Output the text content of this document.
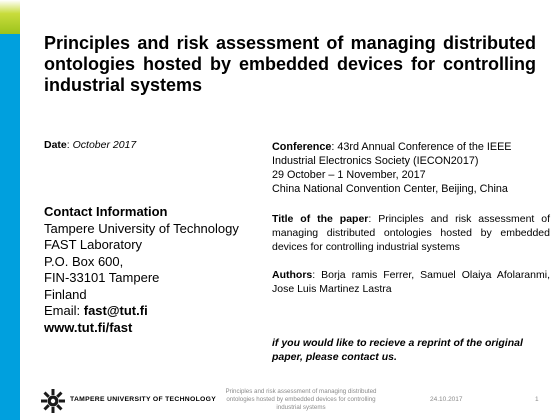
Principles and risk assessment of managing distributed ontologies hosted by embedded devices for controlling industrial systems
Date: October 2017
Contact Information
Tampere University of Technology
FAST Laboratory
P.O. Box 600,
FIN-33101 Tampere
Finland
Email: fast@tut.fi
www.tut.fi/fast
Conference: 43rd Annual Conference of the IEEE
Industrial Electronics Society (IECON2017)
29 October – 1 November, 2017
China National Convention Center, Beijing, China
Title of the paper: Principles and risk assessment of managing distributed ontologies hosted by embedded devices for controlling industrial systems
Authors: Borja ramis Ferrer, Samuel Olaiya Afolaranmi, Jose Luis Martinez Lastra
if you would like to recieve a reprint of the original paper, please contact us.
TAMPERE UNIVERSITY OF TECHNOLOGY
Principles and risk assessment of managing distributed ontologies hosted by embedded devices for controlling industrial systems
24.10.2017	1
